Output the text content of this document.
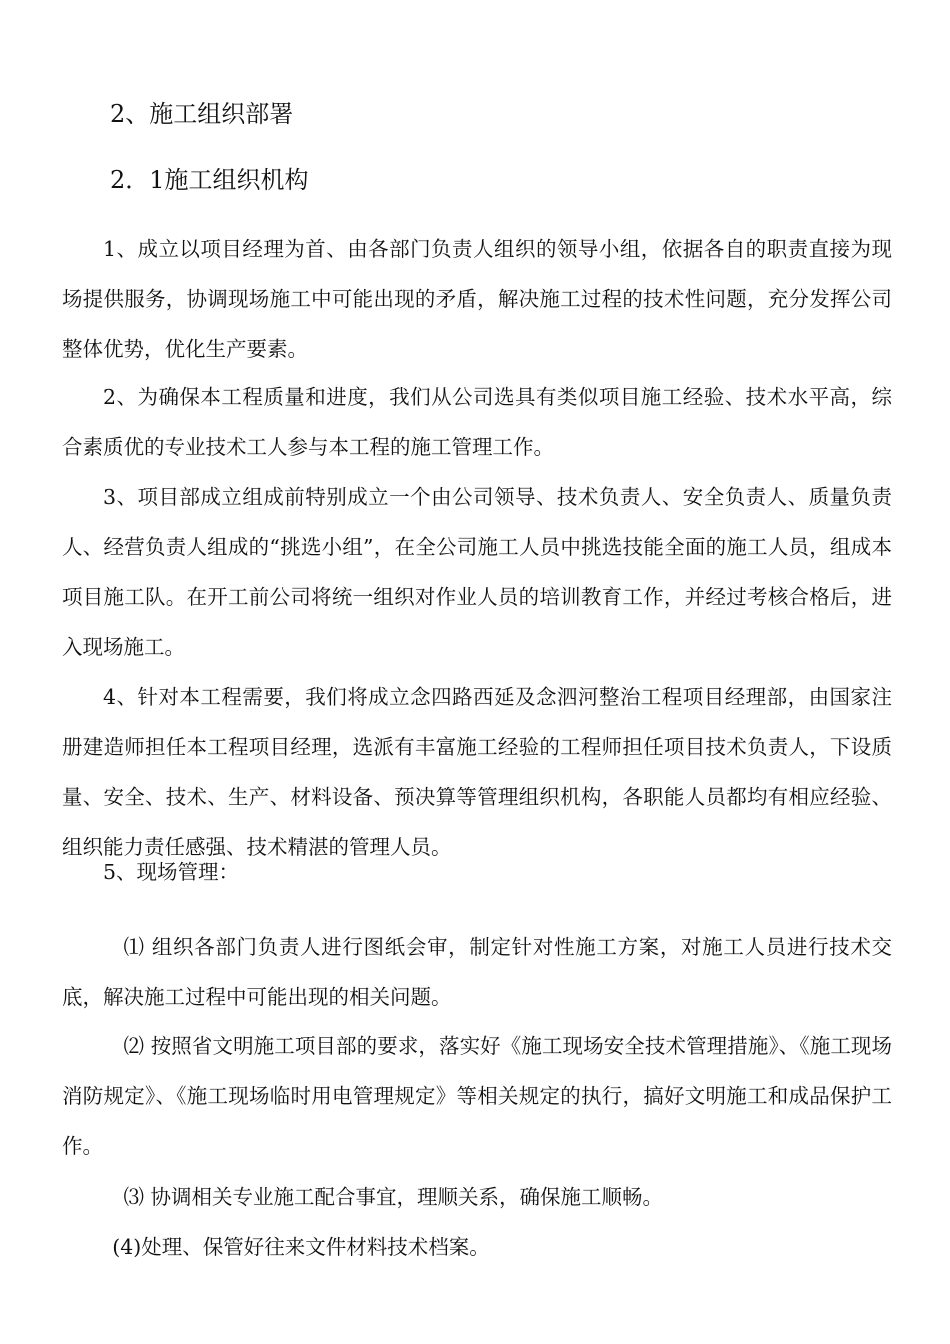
2、施工组织部署
2．1施工组织机构

1、成立以项目经理为首、由各部门负责人组织的领导小组，依据各自的职责直接为现场提供服务，协调现场施工中可能出现的矛盾，解决施工过程的技术性问题，充分发挥公司整体优势，优化生产要素。

2、为确保本工程质量和进度，我们从公司选具有类似项目施工经验、技术水平高，综合素质优的专业技术工人参与本工程的施工管理工作。

3、项目部成立组成前特别成立一个由公司领导、技术负责人、安全负责人、质量负责人、经营负责人组成的“挑选小组”，在全公司施工人员中挑选技能全面的施工人员，组成本项目施工队。在开工前公司将统一组织对作业人员的培训教育工作，并经过考核合格后，进入现场施工。

4、针对本工程需要，我们将成立念四路西延及念泗河整治工程项目经理部，由国家注册建造师担任本工程项目经理，选派有丰富施工经验的工程师担任项目技术负责人，下设质量、安全、技术、生产、材料设备、预决算等管理组织机构，各职能人员都均有相应经验、组织能力责任感强、技术精湛的管理人员。

5、现场管理：

⑴ 组织各部门负责人进行图纸会审，制定针对性施工方案，对施工人员进行技术交底，解决施工过程中可能出现的相关问题。

⑵ 按照省文明施工项目部的要求，落实好《施工现场安全技术管理措施》、《施工现场消防规定》、《施工现场临时用电管理规定》等相关规定的执行，搞好文明施工和成品保护工作。

⑶ 协调相关专业施工配合事宜，理顺关系，确保施工顺畅。

(4)处理、保管好往来文件材料技术档案。
